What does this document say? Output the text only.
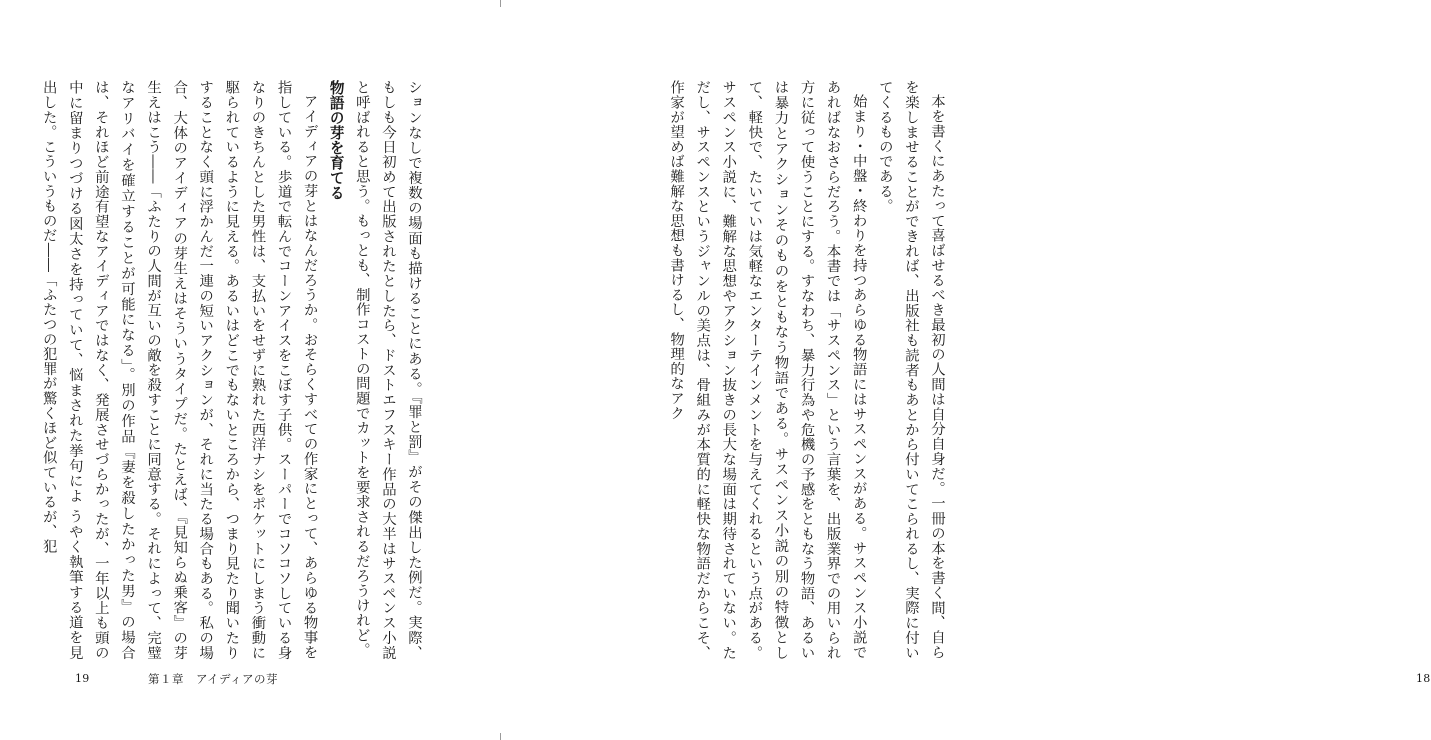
本を書くにあたって喜ばせるべき最初の人間は自分自身だ。一冊の本を書く間、自らを楽しませることができれば、出版社も読者もあとから付いてこられるし、実際に付いてくるものである。

始まり・中盤・終わりを持つあらゆる物語にはサスペンスがある。サスペンス小説であればなおさらだろう。本書では「サスペンス」という言葉を、出版業界での用いられ方に従って使うことにする。すなわち、暴力行為や危機の予感をともなう物語、あるいは暴力とアクションそのものをともなう物語である。サスペンス小説の別の特徴として、軽快で、たいていは気軽なエンターテインメントを与えてくれるという点がある。サスペンス小説に、難解な思想やアクション抜きの長大な場面は期待されていない。ただし、サスペンスというジャンルの美点は、骨組みが本質的に軽快な物語だからこそ、作家が望めば難解な思想も書けるし、物理的なアク

18

ションなしで複数の場面も描けることにある。『罪と罰』がその傑出した例だ。実際、もしも今日初めて出版されたとしたら、ドストエフスキー作品の大半はサスペンス小説と呼ばれると思う。もっとも、制作コストの問題でカットを要求されるだろうけれど。

物語の芽を育てる

アイディアの芽とはなんだろうか。おそらくすべての作家にとって、あらゆる物事を指している。歩道で転んでコーンアイスをこぼす子供。スーパーでコソコソしている身なりのきちんとした男性は、支払いをせずに熟れた西洋ナシをポケットにしまう衝動に駆られているように見える。あるいはどこでもないところから、つまり見たり聞いたりすることなく頭に浮かんだ一連の短いアクションが、それに当たる場合もある。私の場合、大体のアイディアの芽生えはそういうタイプだ。たとえば、『見知らぬ乗客』の芽生えはこう――「ふたりの人間が互いの敵を殺すことに同意する。それによって、完璧なアリバイを確立することが可能になる」。別の作品『妻を殺したかった男』の場合は、それほど前途有望なアイディアではなく、発展させづらかったが、一年以上も頭の中に留まりつづける図太さを持っていて、悩まされた挙句によ うやく執筆する道を見出した。こういうものだ――「ふたつの犯罪が驚くほど似ているが、犯

19	第１章　アイディアの芽
